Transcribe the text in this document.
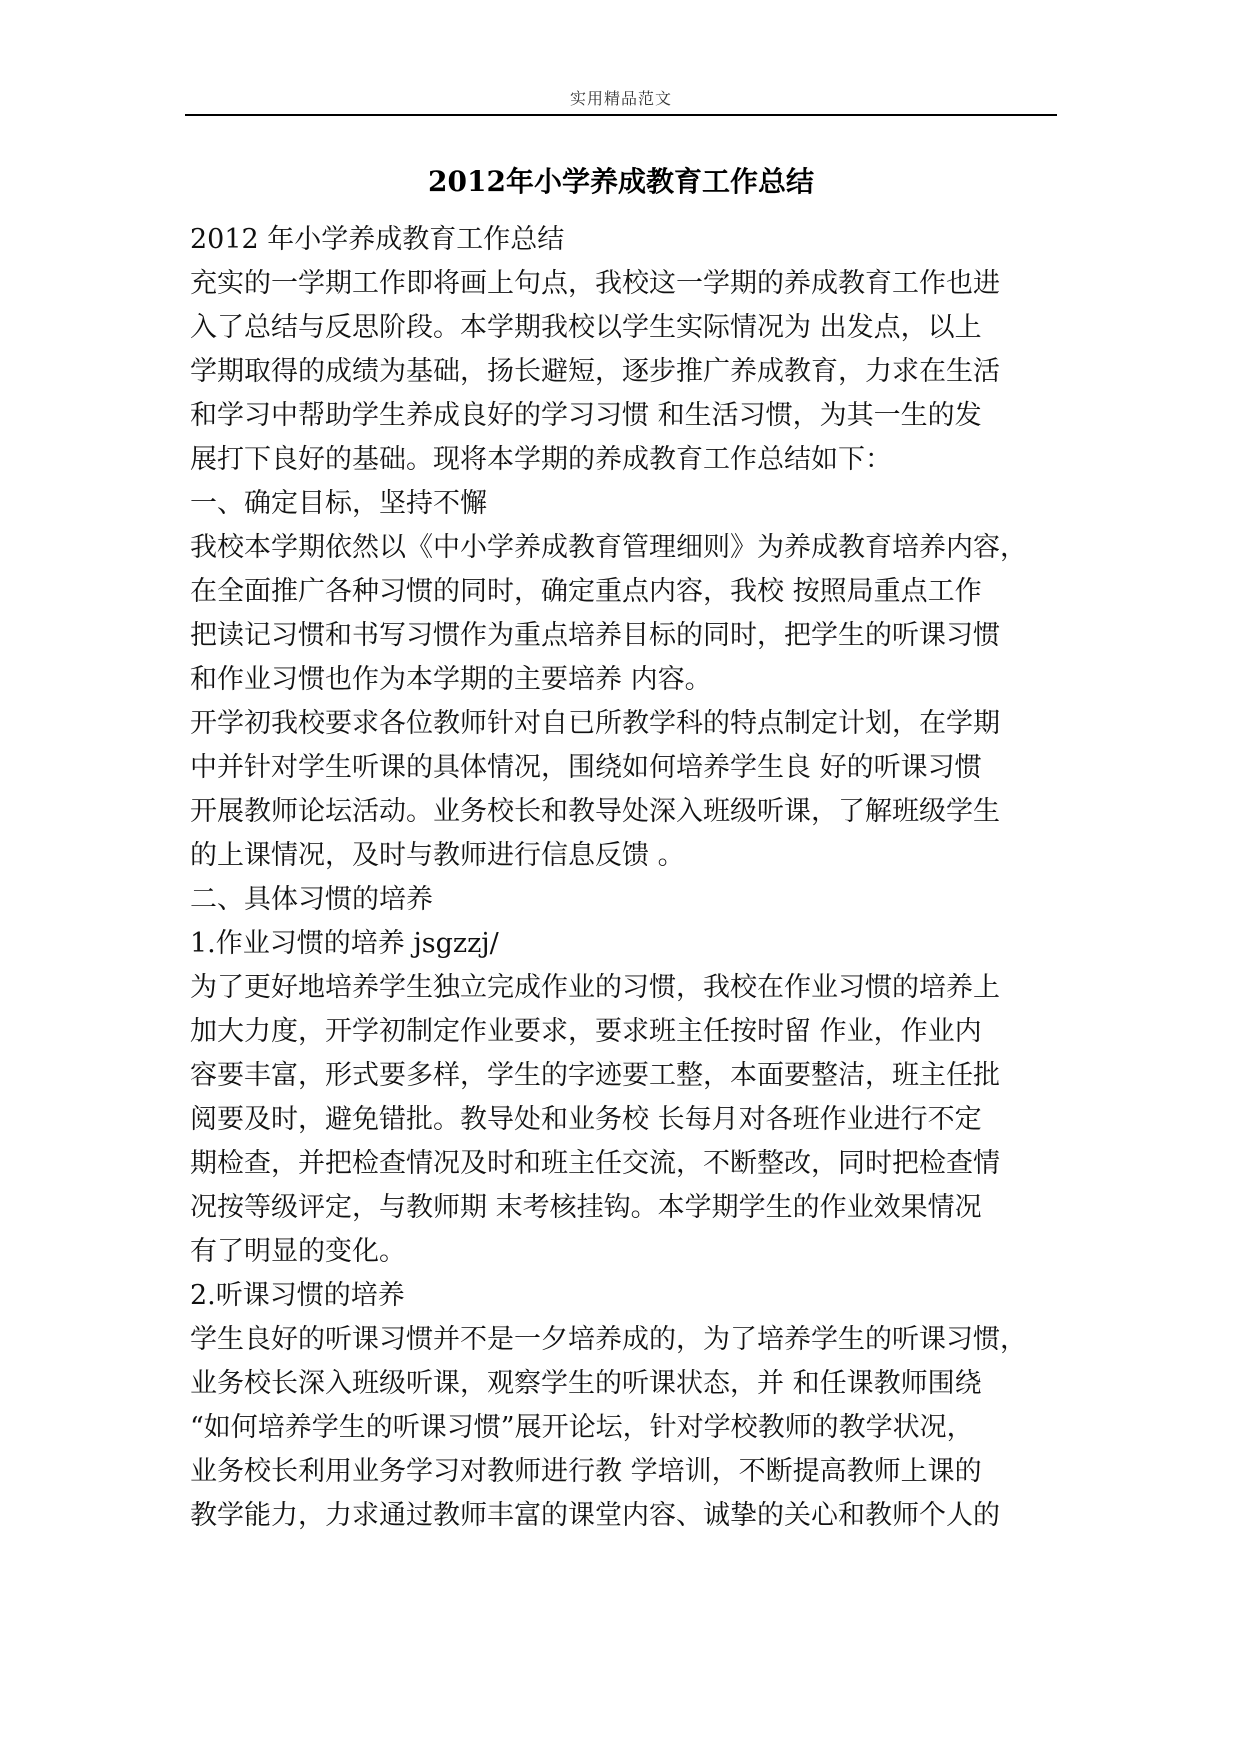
实用精品范文
2012年小学养成教育工作总结
2012 年小学养成教育工作总结
充实的一学期工作即将画上句点，我校这一学期的养成教育工作也进
入了总结与反思阶段。本学期我校以学生实际情况为 出发点，以上
学期取得的成绩为基础，扬长避短，逐步推广养成教育，力求在生活
和学习中帮助学生养成良好的学习习惯 和生活习惯，为其一生的发
展打下良好的基础。现将本学期的养成教育工作总结如下：
一、确定目标，坚持不懈
我校本学期依然以《中小学养成教育管理细则》为养成教育培养内容，
在全面推广各种习惯的同时，确定重点内容，我校 按照局重点工作
把读记习惯和书写习惯作为重点培养目标的同时，把学生的听课习惯
和作业习惯也作为本学期的主要培养 内容。
开学初我校要求各位教师针对自已所教学科的特点制定计划，在学期
中并针对学生听课的具体情况，围绕如何培养学生良 好的听课习惯
开展教师论坛活动。业务校长和教导处深入班级听课，了解班级学生
的上课情况，及时与教师进行信息反馈 。
二、具体习惯的培养
1.作业习惯的培养 jsgzzj/
为了更好地培养学生独立完成作业的习惯，我校在作业习惯的培养上
加大力度，开学初制定作业要求，要求班主任按时留 作业，作业内
容要丰富，形式要多样，学生的字迹要工整，本面要整洁，班主任批
阅要及时，避免错批。教导处和业务校 长每月对各班作业进行不定
期检查，并把检查情况及时和班主任交流，不断整改，同时把检查情
况按等级评定，与教师期 末考核挂钩。本学期学生的作业效果情况
有了明显的变化。
2.听课习惯的培养
学生良好的听课习惯并不是一夕培养成的，为了培养学生的听课习惯，
业务校长深入班级听课，观察学生的听课状态，并 和任课教师围绕
“如何培养学生的听课习惯”展开论坛，针对学校教师的教学状况，
业务校长利用业务学习对教师进行教 学培训，不断提高教师上课的
教学能力，力求通过教师丰富的课堂内容、诚挚的关心和教师个人的
